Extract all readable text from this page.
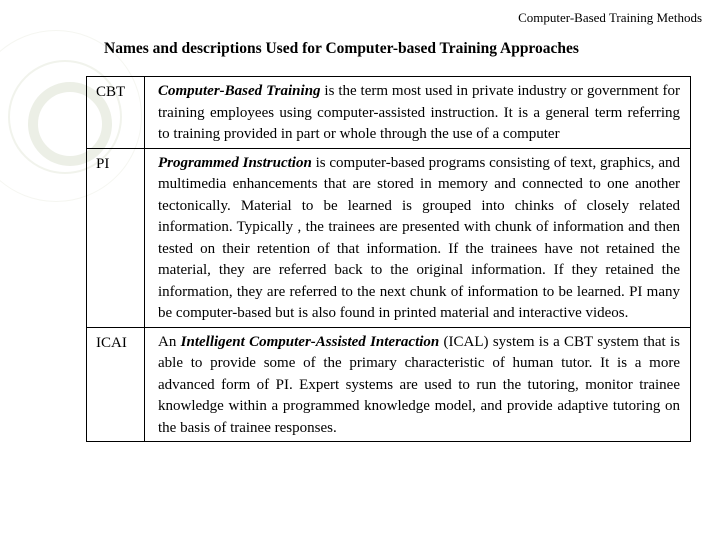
Computer-Based Training Methods
Names and descriptions Used for Computer-based Training Approaches
CBT	Computer-Based Training is the term most used in private industry or government for training employees using computer-assisted instruction. It is a general term referring to training provided in part or whole through the use of a computer
PI	Programmed Instruction is computer-based programs consisting of text, graphics, and multimedia enhancements that are stored in memory and connected to one another tectonically. Material to be learned is grouped into chinks of closely related information. Typically , the trainees are presented with chunk of information and then tested on their retention of that information. If the trainees have not retained the material, they are referred back to the original information. If they retained the information, they are referred to the next chunk of information to be learned. PI many be computer-based but is also found in printed material and interactive videos.
ICAI	An Intelligent Computer-Assisted Interaction (ICAL) system is a CBT system that is able to provide some of the primary characteristic of human tutor. It is a more advanced form of PI. Expert systems are used to run the tutoring, monitor trainee knowledge within a programmed knowledge model, and provide adaptive tutoring on the basis of trainee responses.
